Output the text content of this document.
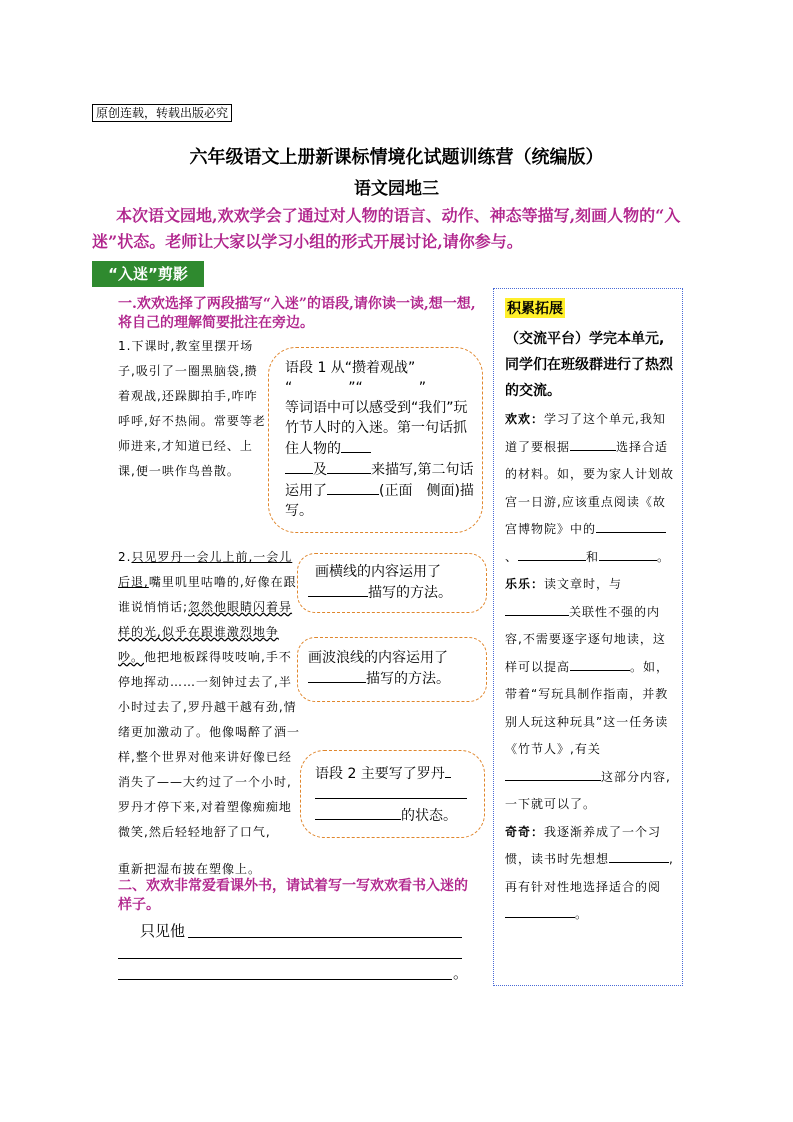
原创连载，转载出版必究
六年级语文上册新课标情境化试题训练营（统编版）
语文园地三
  本次语文园地,欢欢学会了通过对人物的语言、动作、神态等描写,刻画人物的“入迷”状态。老师让大家以学习小组的形式开展讨论,请你参与。
“入迷”剪影
一.欢欢选择了两段描写“入迷”的语段,请你读一读,想一想,将自己的理解简要批注在旁边。
1.下课时,教室里摆开场子,吸引了一圈黑脑袋,攒着观战,还跺脚拍手,咋咋呼呼,好不热闹。常要等老师进来,才知道已经、上课,便一哄作鸟兽散。
2.只见罗丹一会儿上前,一会儿后退,嘴里叽里咕噜的,好像在跟谁说悄悄话;忽然他眼睛闪着异样的光,似乎在跟谁激烈地争吵。他把地板踩得吱吱响,手不停地挥动……一刻钟过去了,半小时过去了,罗丹越干越有劲,情绪更加激动了。他像喝醉了酒一样,整个世界对他来讲好像已经消失了——大约过了一个小时,罗丹才停下来,对着塑像痴痴地微笑,然后轻轻地舒了口气,
重新把湿布披在塑像上。
语段 1 从“攒着观战”
“　　　　”“　　　　”
等词语中可以感受到“我们”玩竹节人时的入迷。第一句话抓住人物的
及	来描写,第二句话运用了	(正面　侧面)描写。
 画横线的内容运用了
描写的方法。
画波浪线的内容运用了
描写的方法。
语段 2 主要写了罗丹

的状态。
二、欢欢非常爱看课外书，请试着写一写欢欢看书入迷的样子。
只见他
。
积累拓展
（交流平台）学完本单元,同学们在班级群进行了热烈的交流。
欢欢：学习了这个单元,我知道了要根据	选择合适的材料。如，要为家人计划故宫一日游,应该重点阅读《故宫博物院》中的、	和	。
乐乐：读文章时，与关联性不强的内容,不需要逐字逐句地读，这样可以提高	。如，带着“写玩具制作指南，并教别人玩这种玩具”这一任务读《竹节人》,有关这部分内容,一下就可以了。
奇奇：我逐渐养成了一个习惯，读书时先想想	,再有针对性地选择适合的阅。
